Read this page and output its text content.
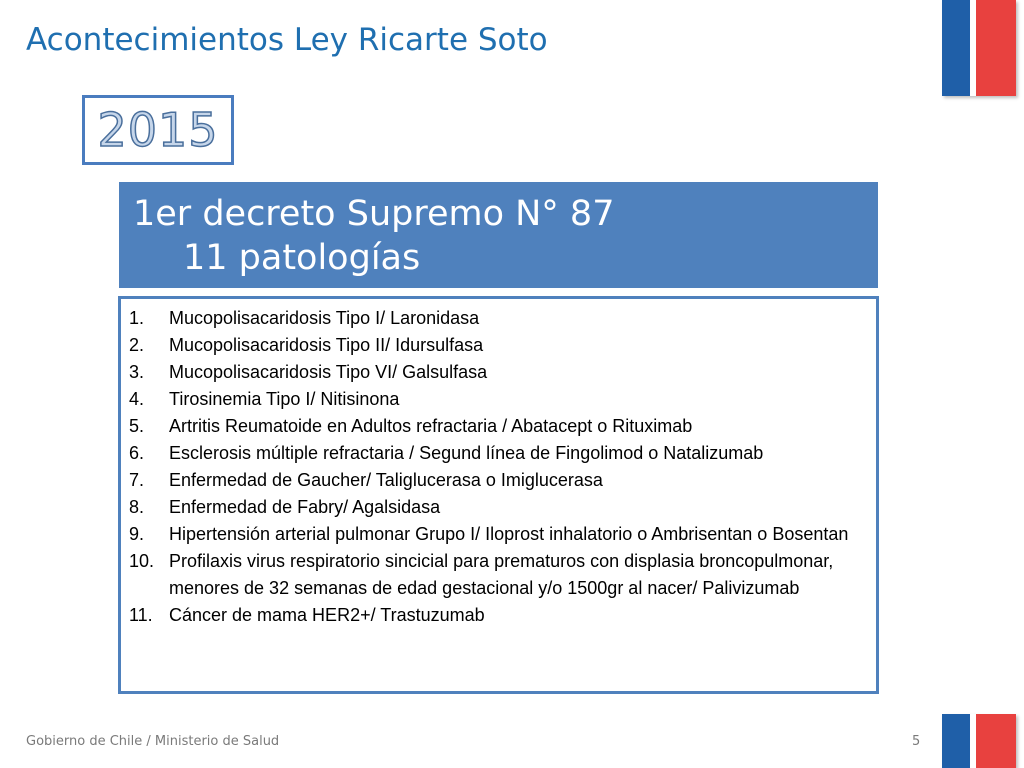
Acontecimientos Ley Ricarte Soto
2015
1er decreto Supremo N° 87
11 patologías
1.	Mucopolisacaridosis Tipo I/ Laronidasa
2.	Mucopolisacaridosis Tipo II/ Idursulfasa
3.	Mucopolisacaridosis Tipo VI/ Galsulfasa
4.	Tirosinemia Tipo I/ Nitisinona
5.	Artritis Reumatoide en Adultos refractaria / Abatacept o Rituximab
6.	Esclerosis múltiple refractaria / Segund línea de Fingolimod o Natalizumab
7.	Enfermedad de Gaucher/ Taliglucerasa o Imiglucerasa
8.	Enfermedad de Fabry/ Agalsidasa
9.	Hipertensión arterial pulmonar Grupo I/ Iloprost inhalatorio o Ambrisentan o Bosentan
10. Profilaxis virus respiratorio sincicial para prematuros con displasia broncopulmonar, menores de 32 semanas de edad gestacional y/o 1500gr al nacer/ Palivizumab
11. Cáncer de mama HER2+/ Trastuzumab
Gobierno de Chile / Ministerio de Salud	5
